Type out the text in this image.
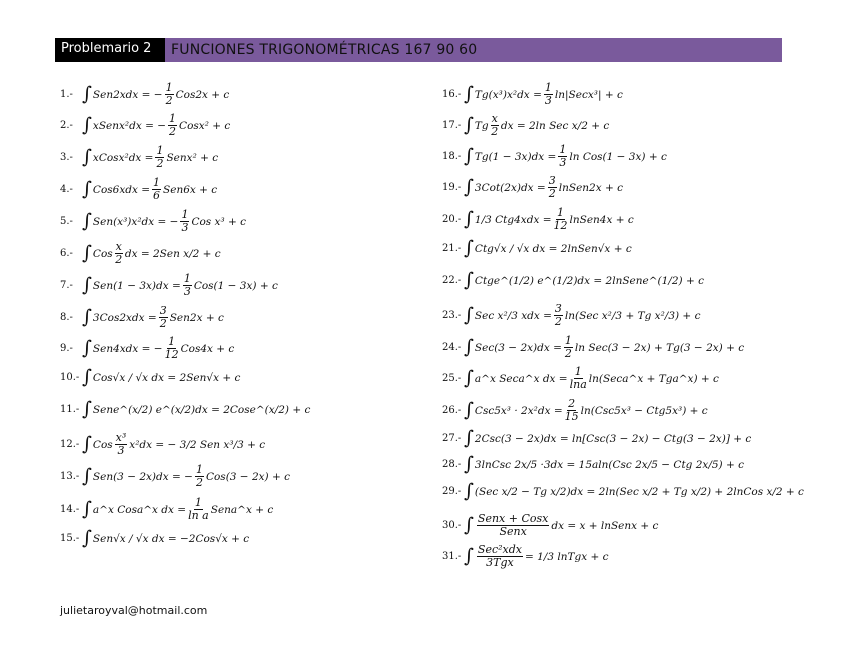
Problemario 2	FUNCIONES TRIGONOMÉTRICAS 167 90 60
1.- ∫ Sen2xdx = − $\frac{1}{2} Cos2x + c$
2.- ∫ xSenx²dx = − $\frac{1}{2}$ Cosx² + c
3.- ∫ xCosx²dx = $\frac{1}{2}$ Senx² + c
4.- ∫ $Cos6xdx = \frac{1}{6} Sen6x + c$
5.- ∫ Sen(x³)x²dx = − $\frac{1}{3}$ Cos x³ + c
6.- ∫ Cos $\frac{x}{2}$ dx = 2Sen x/2 + c
7.- ∫ $Sen(1 - 3x)dx = \frac{1}{3} Cos(1 - 3x) + c$
8.- ∫ $3Cos2xdx = \frac{3}{2} Sen2x + c$
9.- ∫ Sen4xdx = − $\frac{1}{12} Cos4x + c$
10.- ∫ Cos√x / √x dx = 2Sen√x + c
11.- ∫ Sene^(x/2) e^(x/2)dx = 2Cose^(x/2) + c
12.- ∫ Cos $\frac{\text{x³}}{3} x^2dx$ = − 3/2 Sen x³/3 + c
13.- ∫ Sen(3 − 2x)dx = − $\frac{1}{2} Cos(3 - 2x) + c$
14.- ∫ a^x Cosa^x dx = $\frac{1}{\text{ln a}}$ Sena^x + c
15.- ∫ Sen√x / √x dx = −2Cos√x + c
16.- ∫ $Tg(x^3)x^2dx = \frac{1}{3}$ ln|Secx³| + c
17.- ∫ Tg $\frac{x}{2}$ dx = 2ln Sec x/2 + c
18.- ∫ $Tg(1 - 3x)dx = \frac{1}{3}$ ln Cos(1 − 3x) + c
19.- ∫ $3Cot(2x)dx = \frac{3}{2}$ lnSen2x + c
20.- ∫ 1/3 $Ctg4xdx = \frac{1}{12}$ lnSen4x + c
21.- ∫ Ctg√x / √x dx = 2lnSen√x + c
22.- ∫ Ctge^(1/2) e^(1/2)dx = 2lnSene^(1/2) + c
23.- ∫ Sec x²/3 xdx = $\frac{3}{2} \ln(Sec$ x²/3 + Tg x²/3) + c
24.- ∫ $Sec(3 - 2x)dx = \frac{1}{2}$ ln Sec(3 − 2x) + Tg(3 − 2x) + c
25.- ∫ a^x Seca^x dx = $\frac{1}{\ln a}$ ln(Seca^x + Tga^x) + c
26.- ∫ $Csc5x^3 \cdot 2x^2dx = \frac{2}{15} \ln(Csc5x^3 - Ctg5x^3) + c$
27.- ∫ 2Csc(3 − 2x)dx = ln[Csc(3 − 2x) − Ctg(3 − 2x)] + c
28.- ∫ 3lnCsc 2x/5 ·3dx = 15aln(Csc 2x/5 − Ctg 2x/5) + c
29.- ∫ (Sec x/2 − Tg x/2)dx = 2ln(Sec x/2 + Tg x/2) + 2lnCos x/2 + c
30.- ∫ Senx + Cosx
Senx dx = x + lnSenx + c
31.- ∫ Sec²xdx
3Tgx = 1/3 lnTgx + c
julietaroyval@hotmail.com
